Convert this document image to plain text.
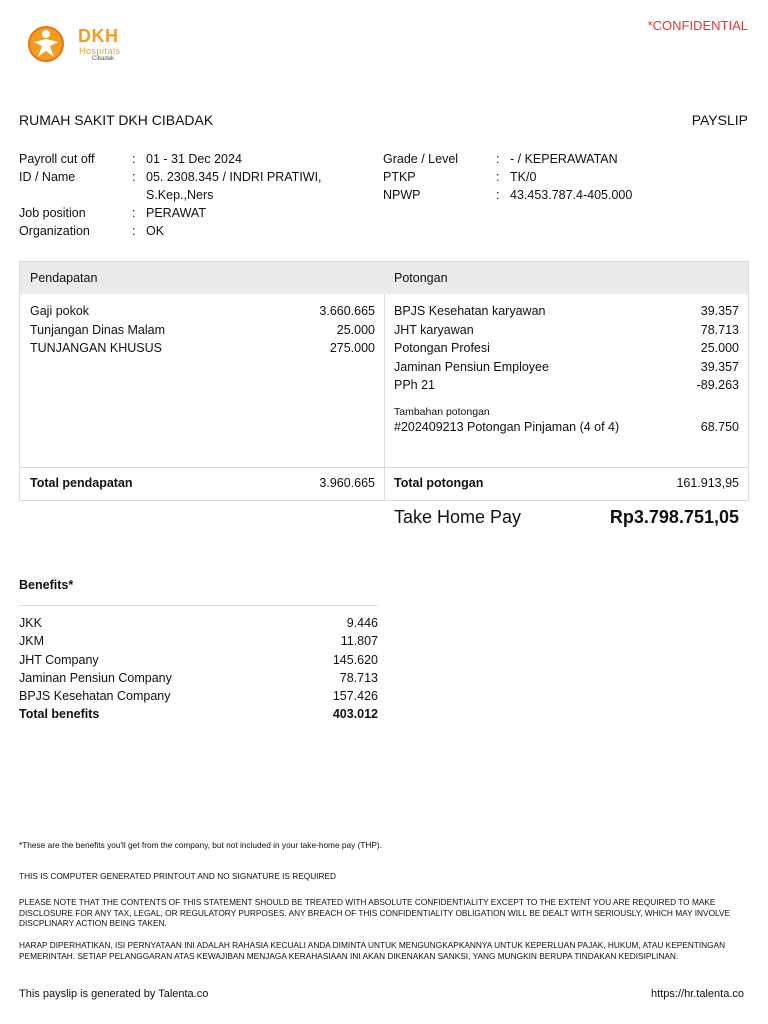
DKH
Hospitals
Cibadak
*CONFIDENTIAL
RUMAH SAKIT DKH CIBADAK	PAYSLIP
Payroll cut off	: 01 - 31 Dec 2024
ID / Name	: 05. 2308.345 / INDRI PRATIWI, S.Kep.,Ners
Job position	: PERAWAT
Organization	: OK
Grade / Level	: - / KEPERAWATAN
PTKP	: TK/0
NPWP	: 43.453.787.4-405.000
Pendapatan	Potongan
Gaji pokok	3.660.665
Tunjangan Dinas Malam	25.000
TUNJANGAN KHUSUS	275.000
BPJS Kesehatan karyawan	39.357
JHT karyawan	78.713
Potongan Profesi	25.000
Jaminan Pensiun Employee	39.357
PPh 21	-89.263
Tambahan potongan
#202409213 Potongan Pinjaman (4 of 4)	68.750
Total pendapatan	3.960.665 Total potongan	161.913,95
Take Home Pay	Rp3.798.751,05
Benefits*
JKK	9.446
JKM	11.807
JHT Company	145.620
Jaminan Pensiun Company	78.713
BPJS Kesehatan Company	157.426
Total benefits	403.012
*These are the benefits you'll get from the company, but not included in your take-home pay (THP).
THIS IS COMPUTER GENERATED PRINTOUT AND NO SIGNATURE IS REQUIRED
PLEASE NOTE THAT THE CONTENTS OF THIS STATEMENT SHOULD BE TREATED WITH ABSOLUTE CONFIDENTIALITY EXCEPT TO THE EXTENT YOU ARE REQUIRED TO MAKE DISCLOSURE FOR ANY TAX, LEGAL, OR REGULATORY PURPOSES. ANY BREACH OF THIS CONFIDENTIALITY OBLIGATION WILL BE DEALT WITH SERIOUSLY, WHICH MAY INVOLVE DISCPLINARY ACTION BEING TAKEN.
HARAP DIPERHATIKAN, ISI PERNYATAAN INI ADALAH RAHASIA KECUALI ANDA DIMINTA UNTUK MENGUNGKAPKANNYA UNTUK KEPERLUAN PAJAK, HUKUM, ATAU KEPENTINGAN PEMERINTAH. SETIAP PELANGGARAN ATAS KEWAJIBAN MENJAGA KERAHASIAAN INI AKAN DIKENAKAN SANKSI, YANG MUNGKIN BERUPA TINDAKAN KEDISIPLINAN.
This payslip is generated by Talenta.co	https://hr.talenta.co
